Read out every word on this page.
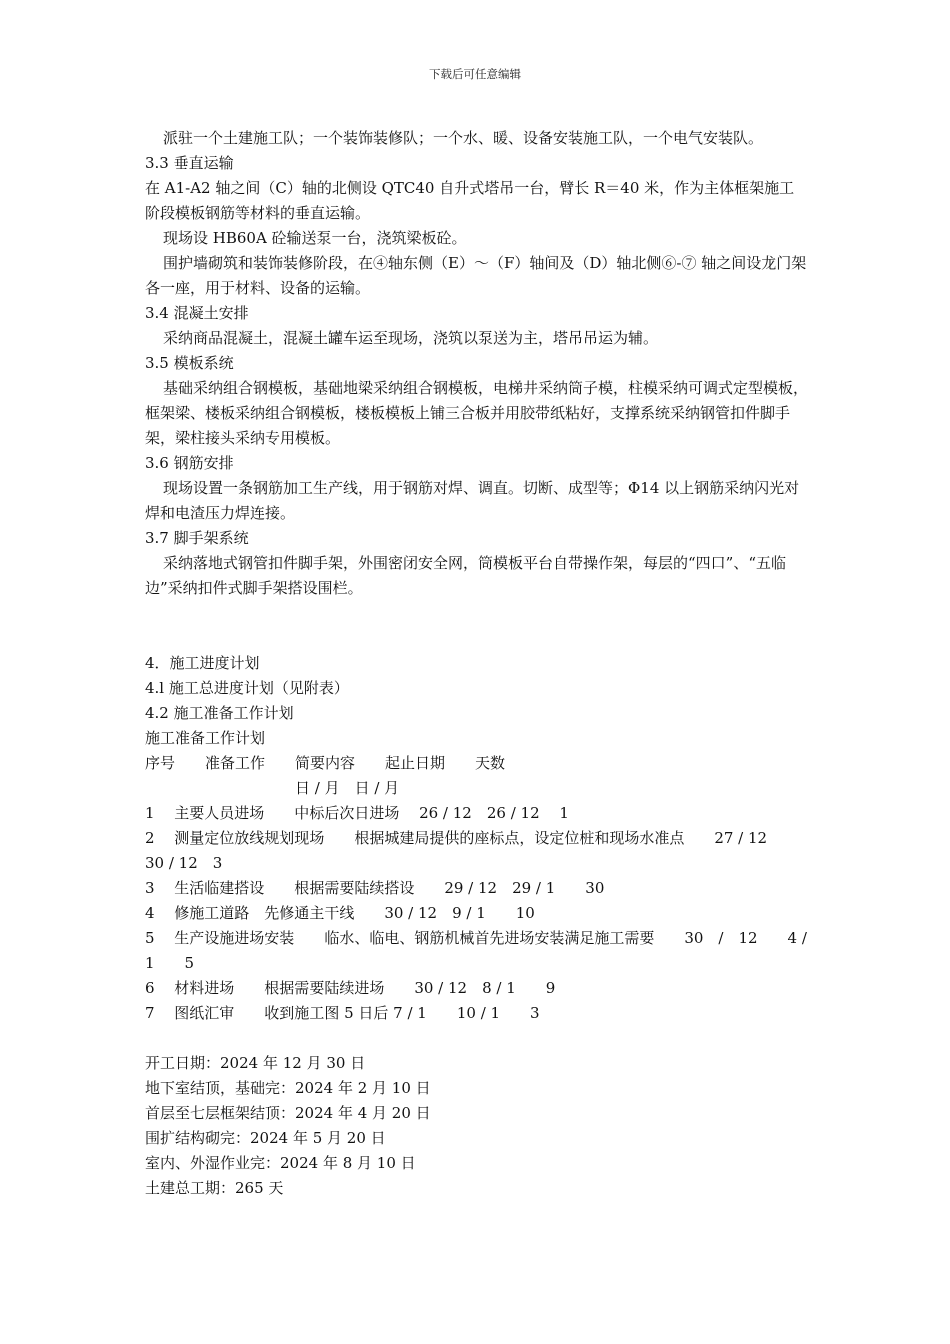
下载后可任意编辑

派驻一个土建施工队；一个装饰装修队；一个水、暖、设备安装施工队，一个电气安装队。

3.3 垂直运输

在 A1-A2 轴之间（C）轴的北侧设 QTC40 自升式塔吊一台，臂长 R＝40 米，作为主体框架施工阶段模板钢筋等材料的垂直运输。

现场设 HB60A 砼输送泵一台，浇筑梁板砼。

围护墙砌筑和装饰装修阶段，在④轴东侧（E）～（F）轴间及（D）轴北侧⑥-⑦ 轴之间设龙门架各一座，用于材料、设备的运输。

3.4 混凝土安排

采纳商品混凝土，混凝土罐车运至现场，浇筑以泵送为主，塔吊吊运为辅。

3.5 模板系统

基础采纳组合钢模板，基础地梁采纳组合钢模板，电梯井采纳筒子模，柱模采纳可调式定型模板，框架梁、楼板采纳组合钢模板，楼板模板上铺三合板并用胶带纸粘好，支撑系统采纳钢管扣件脚手架，梁柱接头采纳专用模板。

3.6 钢筋安排

现场设置一条钢筋加工生产线，用于钢筋对焊、调直。切断、成型等；Φ14 以上钢筋采纳闪光对焊和电渣压力焊连接。

3.7 脚手架系统

采纳落地式钢管扣件脚手架，外围密闭安全网，筒模板平台自带操作架，每层的“四口”、“五临边”采纳扣件式脚手架搭设围栏。

4．施工进度计划

4.l 施工总进度计划（见附表）

4.2 施工准备工作计划

施工准备工作计划

序号　　准备工作　　简要内容　　起止日期　　天数

　　　　　　　　　　日 / 月　日 / 月

1　 主要人员进场　　中标后次日进场　 26 / 12　26 / 12　 1

2　 测量定位放线规划现场　　根据城建局提供的座标点，设定位桩和现场水准点　　27 / 12　　30 / 12　3

3　 生活临建搭设　　根据需要陆续搭设　　29 / 12　29 / 1　　30

4　 修施工道路　先修通主干线　　30 / 12　9 / 1　　10

5　 生产设施进场安装　　临水、临电、钢筋机械首先进场安装满足施工需要　　30　/　12　　4 / 1　　5

6　 材料进场　　根据需要陆续进场　　30 / 12　8 / 1　　9

7　 图纸汇审　　收到施工图 5 日后 7 / 1　　10 / 1　　3

开工日期：2024 年 12 月 30 日

地下室结顶，基础完：2024 年 2 月 10 日

首层至七层框架结顶：2024 年 4 月 20 日

围扩结构砌完：2024 年 5 月 20 日

室内、外湿作业完：2024 年 8 月 10 日

土建总工期：265 天
